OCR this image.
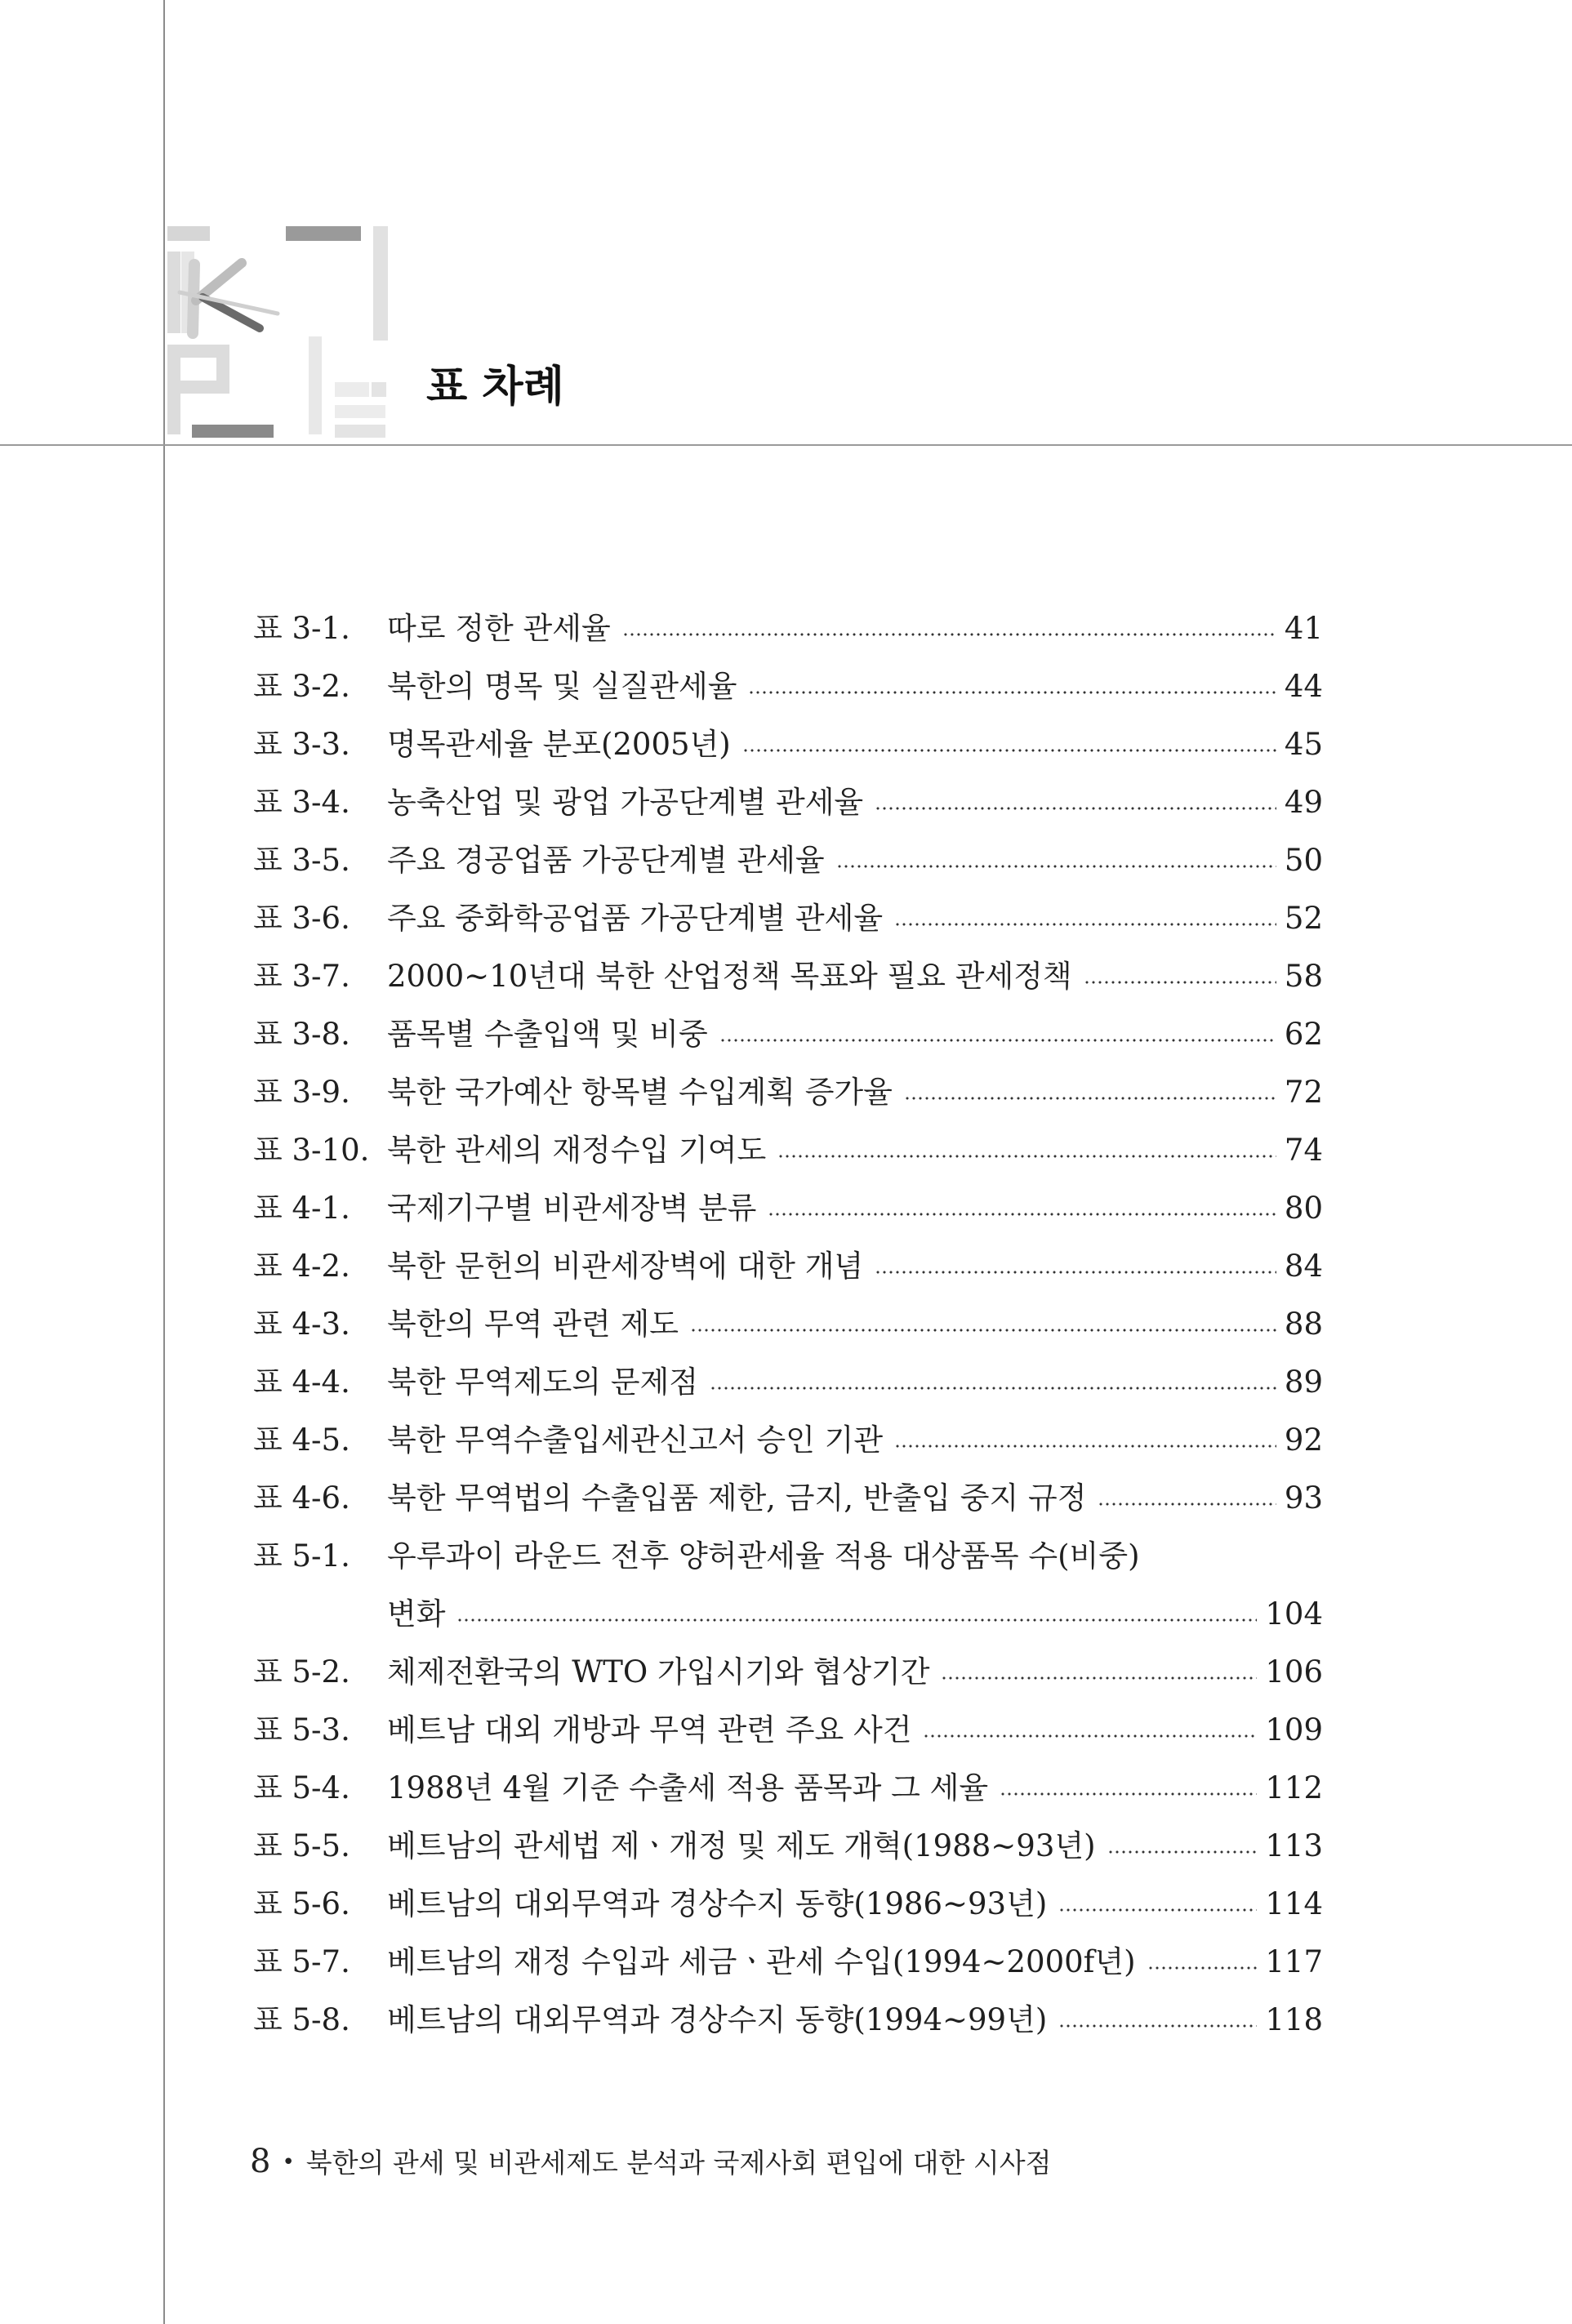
표 차례
표 3-1.	따로 정한 관세율	41
표 3-2.	북한의 명목 및 실질관세율	44
표 3-3.	명목관세율 분포(2005년)	45
표 3-4.	농축산업 및 광업 가공단계별 관세율	49
표 3-5.	주요 경공업품 가공단계별 관세율	50
표 3-6.	주요 중화학공업품 가공단계별 관세율	52
표 3-7.	2000~10년대 북한 산업정책 목표와 필요 관세정책	58
표 3-8.	품목별 수출입액 및 비중	62
표 3-9.	북한 국가예산 항목별 수입계획 증가율	72
표 3-10. 북한 관세의 재정수입 기여도	74
표 4-1.	국제기구별 비관세장벽 분류	80
표 4-2.	북한 문헌의 비관세장벽에 대한 개념	84
표 4-3.	북한의 무역 관련 제도	88
표 4-4.	북한 무역제도의 문제점	89
표 4-5.	북한 무역수출입세관신고서 승인 기관	92
표 4-6.	북한 무역법의 수출입품 제한, 금지, 반출입 중지 규정	93
표 5-1.	우루과이 라운드 전후 양허관세율 적용 대상품목 수(비중)
변화	104
표 5-2.	체제전환국의 WTO 가입시기와 협상기간	106
표 5-3.	베트남 대외 개방과 무역 관련 주요 사건	109
표 5-4.	1988년 4월 기준 수출세 적용 품목과 그 세율	112
표 5-5.	베트남의 관세법 제ㆍ개정 및 제도 개혁(1988~93년)	113
표 5-6.	베트남의 대외무역과 경상수지 동향(1986~93년)	114
표 5-7.	베트남의 재정 수입과 세금ㆍ관세 수입(1994~2000f년)	117
표 5-8.	베트남의 대외무역과 경상수지 동향(1994~99년)	118
8 • 북한의 관세 및 비관세제도 분석과 국제사회 편입에 대한 시사점
